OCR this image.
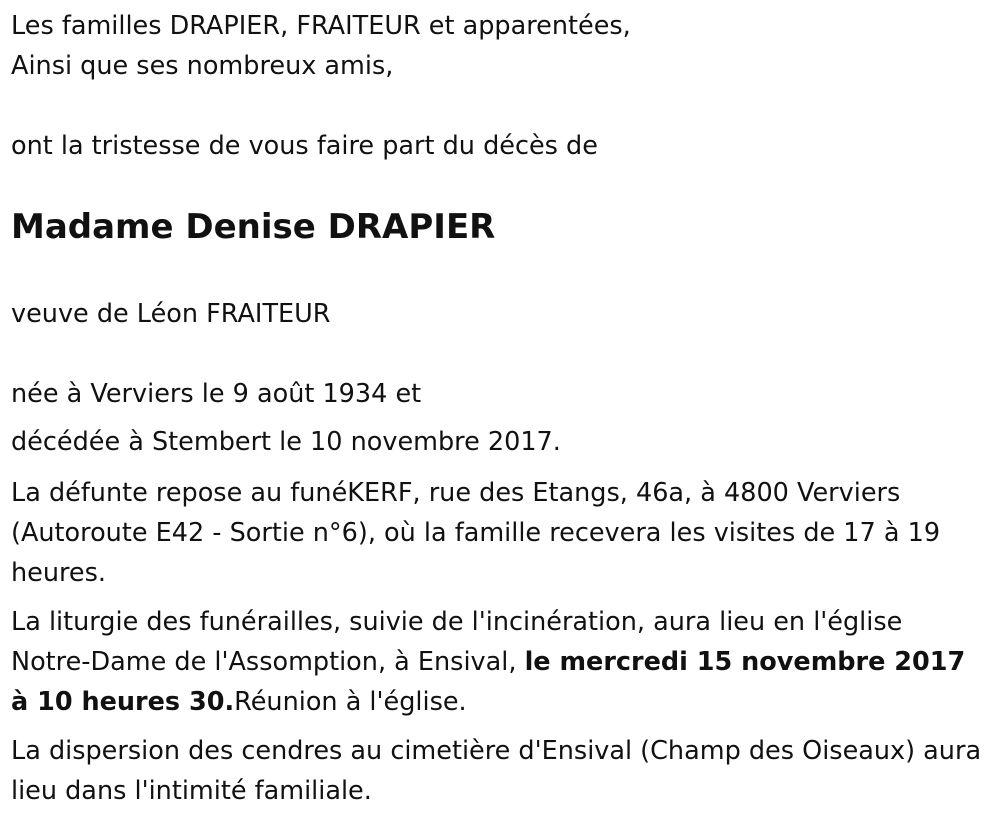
Les familles DRAPIER, FRAITEUR et apparentées,

Ainsi que ses nombreux amis,

ont la tristesse de vous faire part du décès de

Madame Denise DRAPIER

veuve de Léon FRAITEUR

née à Verviers le 9 août 1934 et

décédée à Stembert le 10 novembre 2017.

La défunte repose au funéKERF, rue des Etangs, 46a, à 4800 Verviers (Autoroute E42 - Sortie n°6), où la famille recevera les visites de 17 à 19 heures.

La liturgie des funérailles, suivie de l'incinération, aura lieu en l'église Notre-Dame de l'Assomption, à Ensival, le mercredi 15 novembre 2017 à 10 heures 30.Réunion à l'église.

La dispersion des cendres au cimetière d'Ensival (Champ des Oiseaux) aura lieu dans l'intimité familiale.
